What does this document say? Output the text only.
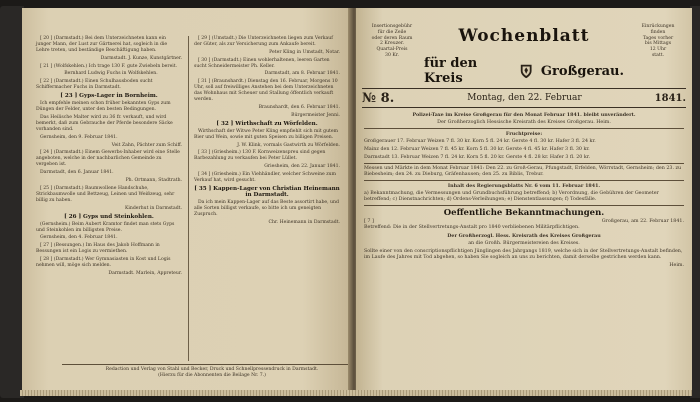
[ 20 ] (Darmstadt.) Bei dem Unterzeichneten kann ein junger Mann, der Lust zur Gärtnerei hat, sogleich in die Lehre treten, und beständige Beschäftigung haben.

Darmstadt. J. Kunze, Kunstgärtner.

[ 21 ] (Wolfskehlen.) Ich trage 130 F. gute Zwiebeln bereit.

Bernhard Ludwig Fuchs in Wolfskehlen.

[ 22 ] (Darmstadt.) Einen Schulhausboden sucht Schiffermacher Fuchs in Darmstadt.

[ 23 ] Gyps-Lager in Bornheim.

Ich empfehle meinen schon früher bekannten Gyps zum Düngen der Felder, unter den besten Bedingungen.

Das Heilische Malter wird zu 36 fr. verkauft, und wird bemerkt, daß zum Gebrauche der Pferde besondere Säcke vorhanden sind.

Gernsheim, den 9. Februar 1841.

Veit Zahn, Pächter zum Schiff.

[ 24 ] (Darmstadt.) Einem Gewerbs-Inhaber wird eine Stelle angeboten, welche in der nachbarlichen Gemeinde zu vergeben ist.

Darmstadt, den 6. Januar 1841.

Ph. Ortmann, Stadtrath.

[ 25 ] (Darmstadt.) Baumwollene Handschuhe, Strickbaumwolle und Bettzeug, Leinen und Weißzeug, sehr billig zu haben.

Kinderhut in Darmstadt.

[ 26 ] Gyps und Steinkohlen.

(Gernsheim.) Beim Aubert Kramtor findet man stets Gyps und Steinkohlen im billigsten Preise.

Gernsheim, den 4. Februar 1841.

[ 27 ] (Bessungen.) Im Haus des Jakob Hoffmann in Bessungen ist ein Logis zu vermiethen.

[ 28 ] (Darmstadt.) Wer Gymnasiasten in Kost und Logis nehmen will, möge sich melden.

Darmstadt. Marlein, Appreteur.

[ 29 ] (Umstadt.) Die Unterzeichneten liegen zum Verkauf der Güter, als zur Versicherung zum Ankaufe bereit.

Peter Kling in Umstadt, Notar.

[ 30 ] (Darmstadt.) Einen wohlerhaltenen, leeren Garten sucht Schneidermeister Ph. Keller.

Darmstadt, am 8. Februar 1841.

[ 31 ] (Braunshardt.) Dienstag den 16. Februar, Morgens 10 Uhr, soll auf freiwilliges Anstehen bei dem Unterzeichneten das Wohnhaus mit Scheuer und Stallung öffentlich verkauft werden.

Braunshardt, den 6. Februar 1841.

Bürgermeister Jenni.

[ 32 ] Wirthschaft zu Wörfelden.

Wirthschaft der Witwe Peter Kling empfiehlt sich mit gutem Bier und Wein, sowie mit guten Speisen zu billigen Preisen.

J. W. Klink, vormals Gastwirth zu Wörfelden.

[ 33 ] (Griesheim.) 130 F. Kornweizenspreu sind gegen Barbezahlung zu verkaufen bei Peter Lüllet.

Griesheim, den 22. Januar 1841.

[ 34 ] (Griesheim.) Ein Viehhändler, welcher Schweine zum Verkauf hat, wird gesucht.

[ 35 ] Kappen-Lager von Christian Heinemann in Darmstadt.

Da ich mein Kappen-Lager auf das Beste assortirt habe, und alle Sorten billigst verkaufe, so bitte ich um geneigten Zuspruch.

Chr. Heinemann in Darmstadt.

Redaction und Verlag von Stahl und Becker, Druck und Schnellpressendruck in Darmstadt.
(Hierzu für die Abonnenten die Beilage Nr. 7.)
Insertionsgebühr
für die Zeile
oder deren Raum
2 Kreuzer.
Quartal-Preis
30 Kr.
Wochenblatt
für den Kreis	Großgerau.
Einrückungen
finden
Tages vorher
bis Mittags
12 Uhr
statt.
№ 8.	Montag, den 22. Februar	1841.

Polizei-Taxe im Kreise Großgerau für den Monat Februar 1841. bleibt unverändert.

Der Großherzoglich Hessische Kreisrath des Kreises Großgerau. Heim.

Fruchtpreise:

Großgerauer 17. Februar Weizen 7 fl. 30 kr. Korn 5 fl. 24 kr. Gerste 4 fl. 30 kr. Hafer 3 fl. 24 kr.

Mainz den 12. Februar Weizen 7 fl. 45 kr. Korn 5 fl. 30 kr. Gerste 4 fl. 45 kr. Hafer 3 fl. 30 kr.

Darmstadt 13. Februar Weizen 7 fl. 24 kr. Korn 5 fl. 20 kr. Gerste 4 fl. 28 kr. Hafer 3 fl. 20 kr.

Messen und Märkte in dem Monat Februar 1841: Den 22. zu Groß-Gerau, Pfungstadt, Erfelden, Wörrstadt, Gernsheim; den 23. zu Biebesheim; den 24. zu Dieburg, Gräfenhausen; den 25. zu Biblis, Trebur.

Inhalt des Regierungsblatts Nr. 6 vom 11. Februar 1841.

a) Bekanntmachung, die Vermessungen und Grundbuchsführung betreffend; b) Verordnung, die Gebühren der Geometer betreffend; c) Dienstnachrichten; d) Ordens-Verleihungen; e) Dienstentlassungen; f) Todesfälle.

Oeffentliche Bekanntmachungen.
[ 7 ]	Großgerau, am 22. Februar 1841.

Betreffend: Die in der Stellvertretungs-Anstalt pro 1840 verbliebenen Militärpflichtigen.

Der Großherzogl. Hess. Kreisrath des Kreises Großgerau

an die Großh. Bürgermeistereien des Kreises.

Sollte einer von den conscriptionspflichtigen Jünglingen des Jahrgangs 1819, welche sich in der Stellvertretungs-Anstalt befinden, im Laufe des Jahres mit Tod abgehen, so haben Sie sogleich an uns zu berichten, damit derselbe gestrichen werden kann.

Heim.
